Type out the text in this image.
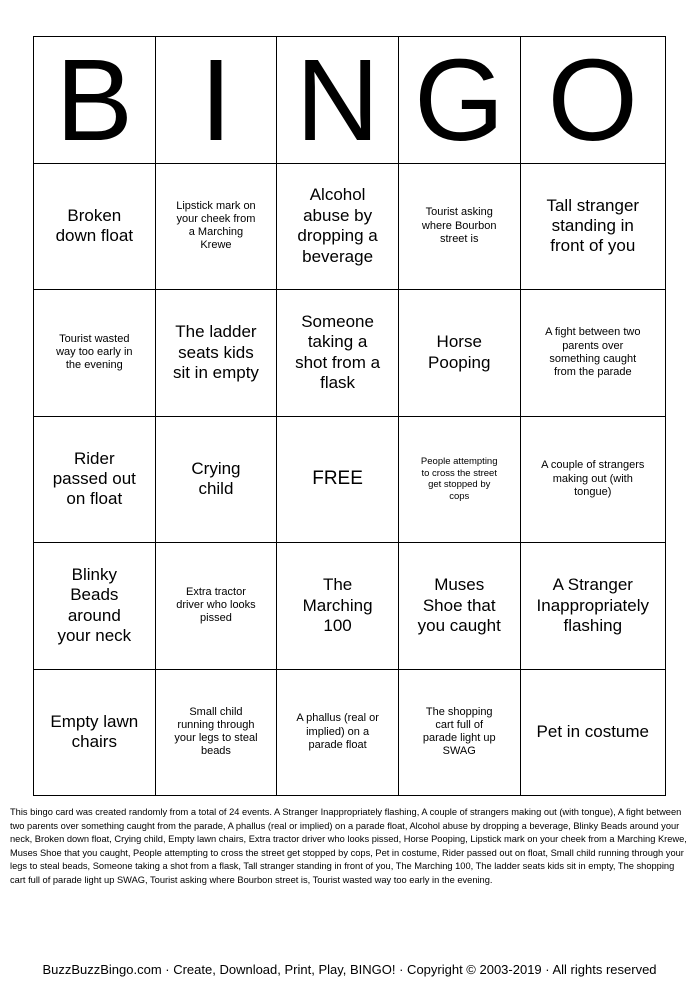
B I N G O
Broken down float
Lipstick mark on your cheek from a Marching Krewe
Alcohol abuse by dropping a beverage
Tourist asking where Bourbon street is
Tall stranger standing in front of you
Tourist wasted way too early in the evening
The ladder seats kids sit in empty
Someone taking a shot from a flask
Horse Pooping
A fight between two parents over something caught from the parade
Rider passed out on float
Crying child	FREE
People attempting to cross the street get stopped by cops
A couple of strangers making out (with tongue)
Blinky Beads around your neck
Extra tractor driver who looks pissed
The Marching 100
Muses Shoe that you caught
A Stranger Inappropriately flashing
Empty lawn chairs
Small child running through your legs to steal beads
A phallus (real or implied) on a parade float
The shopping cart full of parade light up SWAG
Pet in costume

This bingo card was created randomly from a total of 24 events. A Stranger Inappropriately flashing, A couple of strangers making out (with tongue), A fight between two parents over something caught from the parade, A phallus (real or implied) on a parade float, Alcohol abuse by dropping a beverage, Blinky Beads around your neck, Broken down float, Crying child, Empty lawn chairs, Extra tractor driver who looks pissed, Horse Pooping, Lipstick mark on your cheek from a Marching Krewe, Muses Shoe that you caught, People attempting to cross the street get stopped by cops, Pet in costume, Rider passed out on float, Small child running through your legs to steal beads, Someone taking a shot from a flask, Tall stranger standing in front of you, The Marching 100, The ladder seats kids sit in empty, The shopping cart full of parade light up SWAG, Tourist asking where Bourbon street is, Tourist wasted way too early in the evening.

BuzzBuzzBingo.com · Create, Download, Print, Play, BINGO! · Copyright © 2003-2019 · All rights reserved
